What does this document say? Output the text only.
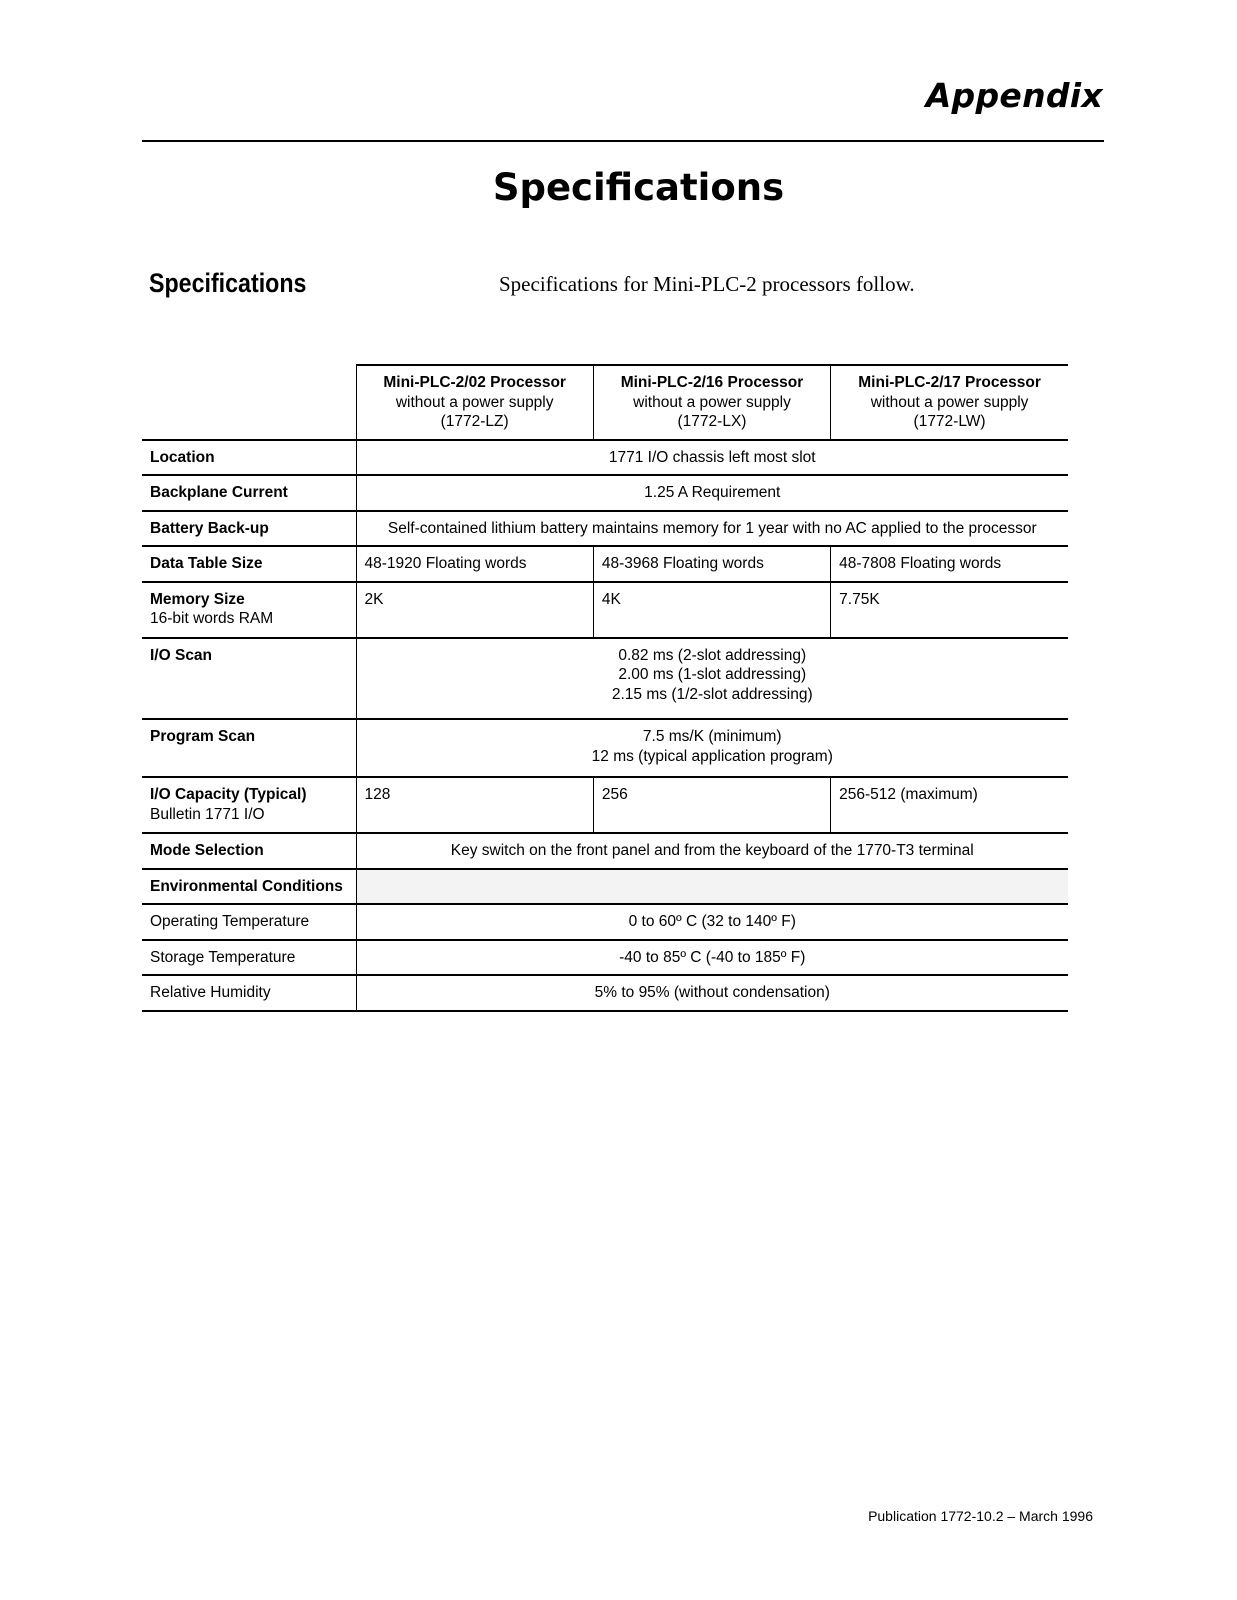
Appendix
Specifications
Specifications	Specifications for Mini-PLC-2 processors follow.

	Mini-PLC-2/02 Processor
without a power supply
(1772-LZ)	Mini-PLC-2/16 Processor
without a power supply
(1772-LX)	Mini-PLC-2/17 Processor
without a power supply
(1772-LW)

Location	1771 I/O chassis left most slot		

Backplane Current	1.25 A Requirement		

Battery Back-up	Self-contained lithium battery maintains memory for 1 year with no AC applied to the processor		

Data Table Size	48-1920 Floating words	48-3968 Floating words	48-7808 Floating words

Memory Size
16-bit words RAM	2K	4K	7.75K

I/O Scan	0.82 ms (2-slot addressing)
2.00 ms (1-slot addressing)
2.15 ms (1/2-slot addressing)		

Program Scan	7.5 ms/K (minimum)
12 ms (typical application program)		

I/O Capacity (Typical)
Bulletin 1771 I/O	128	256	256-512 (maximum)

Mode Selection	Key switch on the front panel and from the keyboard of the 1770-T3 terminal		

Environmental Conditions			

Operating Temperature	0 to 60º C (32 to 140º F)		

Storage Temperature	-40 to 85º C (-40 to 185º F)		

Relative Humidity	5% to 95% (without condensation)		
Publication 1772-10.2 – March 1996
